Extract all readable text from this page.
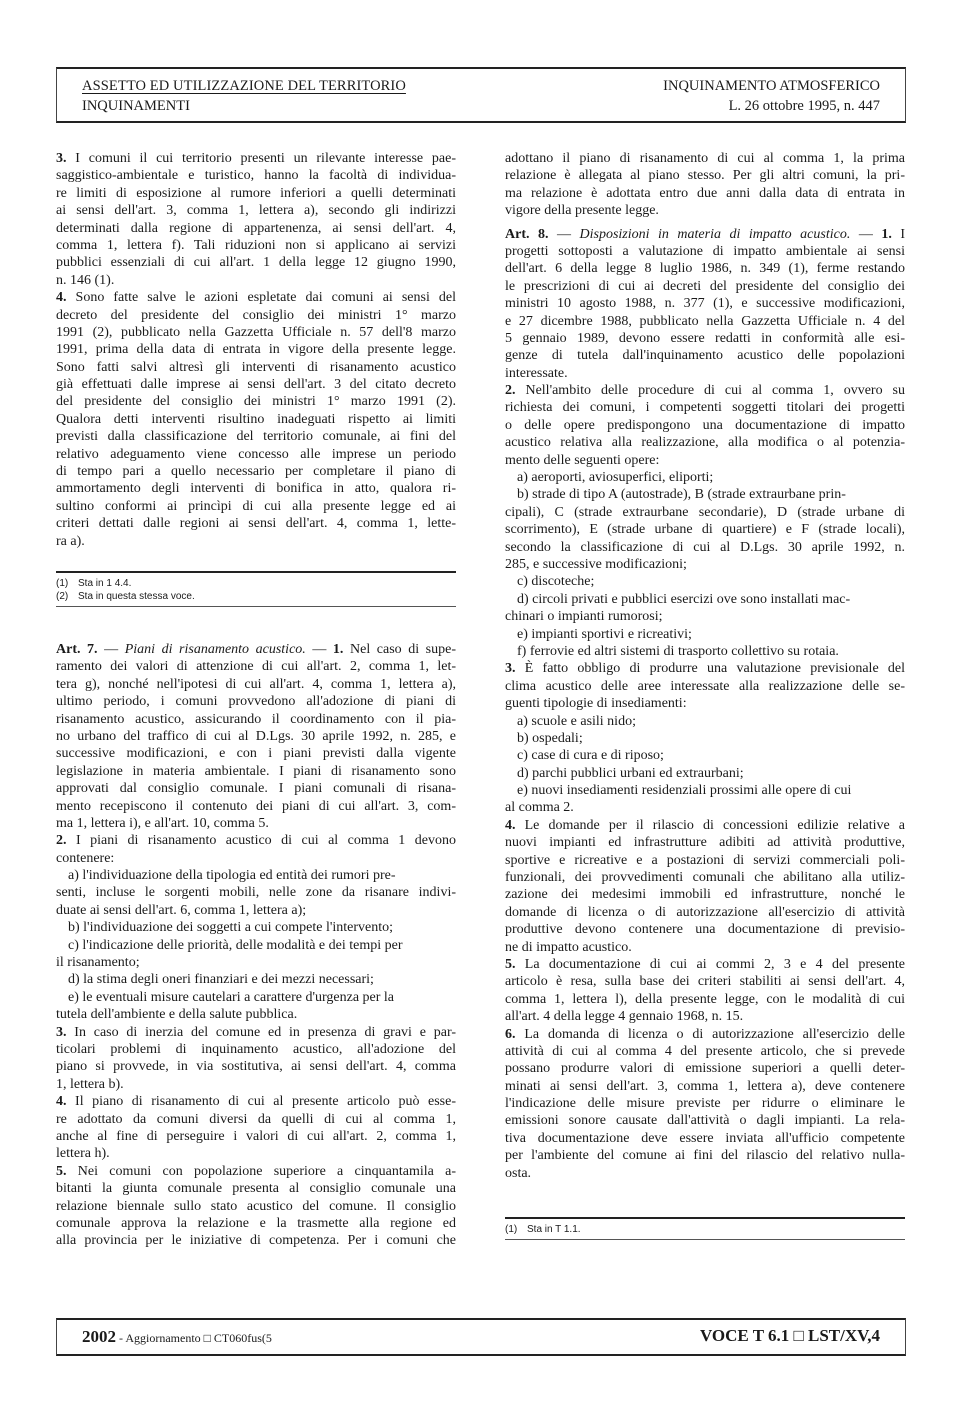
ASSETTO ED UTILIZZAZIONE DEL TERRITORIO
INQUINAMENTI
INQUINAMENTO ATMOSFERICO
L. 26 ottobre 1995, n. 447
3. I comuni il cui territorio presenti un rilevante interesse pae-
saggistico-ambientale e turistico, hanno la facoltà di individua-
re limiti di esposizione al rumore inferiori a quelli determinati
ai sensi dell'art. 3, comma 1, lettera a), secondo gli indirizzi
determinati dalla regione di appartenenza, ai sensi dell'art. 4,
comma 1, lettera f). Tali riduzioni non si applicano ai servizi
pubblici essenziali di cui all'art. 1 della legge 12 giugno 1990,
n. 146 (1).
4. Sono fatte salve le azioni espletate dai comuni ai sensi del
decreto del presidente del consiglio dei ministri 1° marzo
1991 (2), pubblicato nella Gazzetta Ufficiale n. 57 dell'8 marzo
1991, prima della data di entrata in vigore della presente legge.
Sono fatti salvi altresì gli interventi di risanamento acustico
già effettuati dalle imprese ai sensi dell'art. 3 del citato decreto
del presidente del consiglio dei ministri 1° marzo 1991 (2).
Qualora detti interventi risultino inadeguati rispetto ai limiti
previsti dalla classificazione del territorio comunale, ai fini del
relativo adeguamento viene concesso alle imprese un periodo
di tempo pari a quello necessario per completare il piano di
ammortamento degli interventi di bonifica in atto, qualora ri-
sultino conformi ai princìpi di cui alla presente legge ed ai
criteri dettati dalle regioni ai sensi dell'art. 4, comma 1, lette-
ra a).
(1) Sta in 1 4.4.
(2) Sta in questa stessa voce.
Art. 7. — Piani di risanamento acustico. — 1. Nel caso di supe-
ramento dei valori di attenzione di cui all'art. 2, comma 1, let-
tera g), nonché nell'ipotesi di cui all'art. 4, comma 1, lettera a),
ultimo periodo, i comuni provvedono all'adozione di piani di
risanamento acustico, assicurando il coordinamento con il pia-
no urbano del traffico di cui al D.Lgs. 30 aprile 1992, n. 285, e
successive modificazioni, e con i piani previsti dalla vigente
legislazione in materia ambientale. I piani di risanamento sono
approvati dal consiglio comunale. I piani comunali di risana-
mento recepiscono il contenuto dei piani di cui all'art. 3, com-
ma 1, lettera i), e all'art. 10, comma 5.
2. I piani di risanamento acustico di cui al comma 1 devono
contenere:
a) l'individuazione della tipologia ed entità dei rumori pre-
senti, incluse le sorgenti mobili, nelle zone da risanare indivi-
duate ai sensi dell'art. 6, comma 1, lettera a);
b) l'individuazione dei soggetti a cui compete l'intervento;
c) l'indicazione delle priorità, delle modalità e dei tempi per
il risanamento;
d) la stima degli oneri finanziari e dei mezzi necessari;
e) le eventuali misure cautelari a carattere d'urgenza per la
tutela dell'ambiente e della salute pubblica.
3. In caso di inerzia del comune ed in presenza di gravi e par-
ticolari problemi di inquinamento acustico, all'adozione del
piano si provvede, in via sostitutiva, ai sensi dell'art. 4, comma
1, lettera b).
4. Il piano di risanamento di cui al presente articolo può esse-
re adottato da comuni diversi da quelli di cui al comma 1,
anche al fine di perseguire i valori di cui all'art. 2, comma 1,
lettera h).
5. Nei comuni con popolazione superiore a cinquantamila a-
bitanti la giunta comunale presenta al consiglio comunale una
relazione biennale sullo stato acustico del comune. Il consiglio
comunale approva la relazione e la trasmette alla regione ed
alla provincia per le iniziative di competenza. Per i comuni che
adottano il piano di risanamento di cui al comma 1, la prima
relazione è allegata al piano stesso. Per gli altri comuni, la pri-
ma relazione è adottata entro due anni dalla data di entrata in
vigore della presente legge.
Art. 8. — Disposizioni in materia di impatto acustico. — 1. I
progetti sottoposti a valutazione di impatto ambientale ai sensi
dell'art. 6 della legge 8 luglio 1986, n. 349 (1), ferme restando
le prescrizioni di cui ai decreti del presidente del consiglio dei
ministri 10 agosto 1988, n. 377 (1), e successive modificazioni,
e 27 dicembre 1988, pubblicato nella Gazzetta Ufficiale n. 4 del
5 gennaio 1989, devono essere redatti in conformità alle esi-
genze di tutela dall'inquinamento acustico delle popolazioni
interessate.
2. Nell'ambito delle procedure di cui al comma 1, ovvero su
richiesta dei comuni, i competenti soggetti titolari dei progetti
o delle opere predispongono una documentazione di impatto
acustico relativa alla realizzazione, alla modifica o al potenzia-
mento delle seguenti opere:
a) aeroporti, aviosuperfici, eliporti;
b) strade di tipo A (autostrade), B (strade extraurbane prin-
cipali), C (strade extraurbane secondarie), D (strade urbane di
scorrimento), E (strade urbane di quartiere) e F (strade locali),
secondo la classificazione di cui al D.Lgs. 30 aprile 1992, n.
285, e successive modificazioni;
c) discoteche;
d) circoli privati e pubblici esercizi ove sono installati mac-
chinari o impianti rumorosi;
e) impianti sportivi e ricreativi;
f) ferrovie ed altri sistemi di trasporto collettivo su rotaia.
3. È fatto obbligo di produrre una valutazione previsionale del
clima acustico delle aree interessate alla realizzazione delle se-
guenti tipologie di insediamenti:
a) scuole e asili nido;
b) ospedali;
c) case di cura e di riposo;
d) parchi pubblici urbani ed extraurbani;
e) nuovi insediamenti residenziali prossimi alle opere di cui
al comma 2.
4. Le domande per il rilascio di concessioni edilizie relative a
nuovi impianti ed infrastrutture adibiti ad attività produttive,
sportive e ricreative e a postazioni di servizi commerciali poli-
funzionali, dei provvedimenti comunali che abilitano alla utiliz-
zazione dei medesimi immobili ed infrastrutture, nonché le
domande di licenza o di autorizzazione all'esercizio di attività
produttive devono contenere una documentazione di previsio-
ne di impatto acustico.
5. La documentazione di cui ai commi 2, 3 e 4 del presente
articolo è resa, sulla base dei criteri stabiliti ai sensi dell'art. 4,
comma 1, lettera l), della presente legge, con le modalità di cui
all'art. 4 della legge 4 gennaio 1968, n. 15.
6. La domanda di licenza o di autorizzazione all'esercizio delle
attività di cui al comma 4 del presente articolo, che si prevede
possano produrre valori di emissione superiori a quelli deter-
minati ai sensi dell'art. 3, comma 1, lettera a), deve contenere
l'indicazione delle misure previste per ridurre o eliminare le
emissioni sonore causate dall'attività o dagli impianti. La rela-
tiva documentazione deve essere inviata all'ufficio competente
per l'ambiente del comune ai fini del rilascio del relativo nulla-
osta.
(1) Sta in T 1.1.
2002 - Aggiornamento □ CT060fus(5	VOCE T 6.1 □ LST/XV,4
